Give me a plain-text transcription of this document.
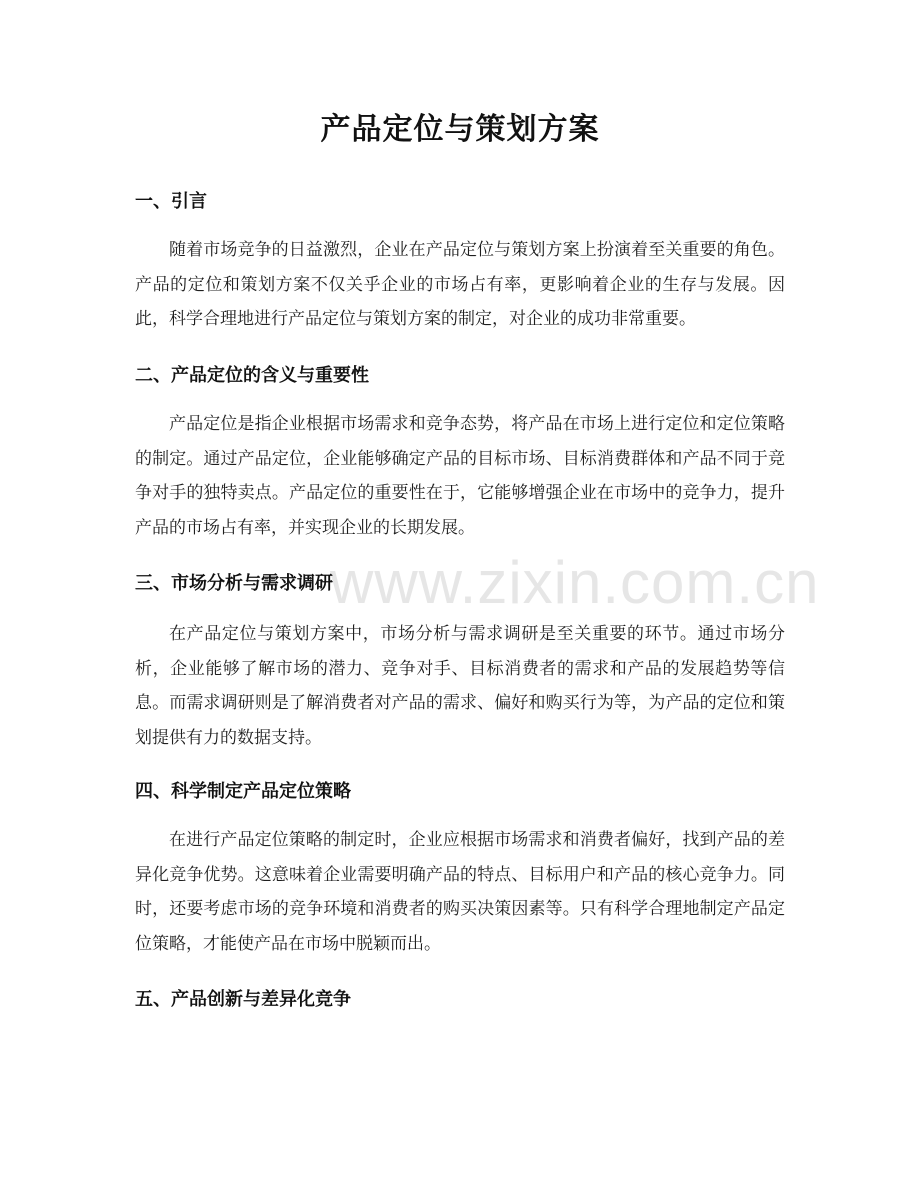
www.zixin.com.cn
产品定位与策划方案
一、引言

随着市场竞争的日益激烈，企业在产品定位与策划方案上扮演着至关重要的角色。产品的定位和策划方案不仅关乎企业的市场占有率，更影响着企业的生存与发展。因此，科学合理地进行产品定位与策划方案的制定，对企业的成功非常重要。

二、产品定位的含义与重要性

产品定位是指企业根据市场需求和竞争态势，将产品在市场上进行定位和定位策略的制定。通过产品定位，企业能够确定产品的目标市场、目标消费群体和产品不同于竞争对手的独特卖点。产品定位的重要性在于，它能够增强企业在市场中的竞争力，提升产品的市场占有率，并实现企业的长期发展。

三、市场分析与需求调研

在产品定位与策划方案中，市场分析与需求调研是至关重要的环节。通过市场分析，企业能够了解市场的潜力、竞争对手、目标消费者的需求和产品的发展趋势等信息。而需求调研则是了解消费者对产品的需求、偏好和购买行为等，为产品的定位和策划提供有力的数据支持。

四、科学制定产品定位策略

在进行产品定位策略的制定时，企业应根据市场需求和消费者偏好，找到产品的差异化竞争优势。这意味着企业需要明确产品的特点、目标用户和产品的核心竞争力。同时，还要考虑市场的竞争环境和消费者的购买决策因素等。只有科学合理地制定产品定位策略，才能使产品在市场中脱颖而出。

五、产品创新与差异化竞争
